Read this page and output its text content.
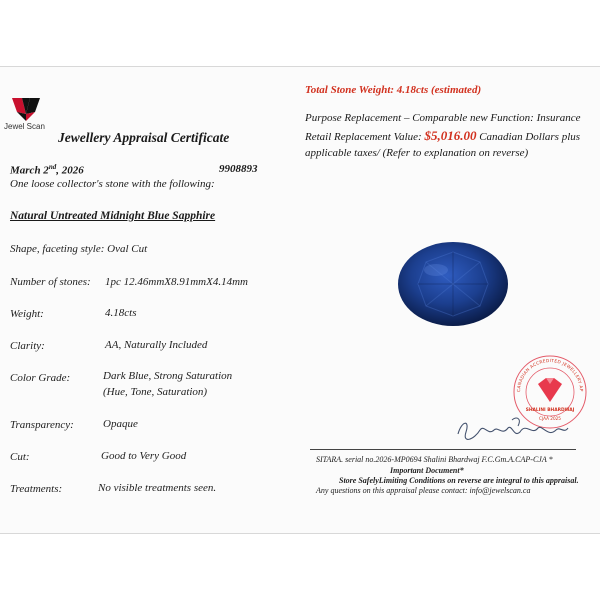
Jewel Scan
Jewellery Appraisal Certificate
March 2nd, 2026	9908893
One loose collector's stone with the following:
Natural Untreated Midnight Blue Sapphire
Shape, faceting style: Oval Cut
Number of stones: 1pc 12.46mmX8.91mmX4.14mm
Weight:	4.18cts
Clarity:	AA, Naturally Included
Color Grade:	Dark Blue, Strong Saturation
(Hue, Tone, Saturation)
Transparency:	Opaque
Cut:	Good to Very Good
Treatments:	No visible treatments seen.
Total Stone Weight: 4.18cts (estimated)
Purpose Replacement – Comparable new Function: Insurance
Retail Replacement Value: $5,016.00 Canadian Dollars plus applicable taxes/ (Refer to explanation on reverse)
CANADIAN ACCREDITED JEWELLERY AP
SHALINI BHARDWAJ
CJAA 2025
SITARA. serial no.2026-MP0694 Shalini Bhardwaj F.C.Gm.A.CAP-CJA *
Important Document*
Store SafelyLimiting Conditions on reverse are integral to this appraisal.
Any questions on this appraisal please contact: info@jewelscan.ca
